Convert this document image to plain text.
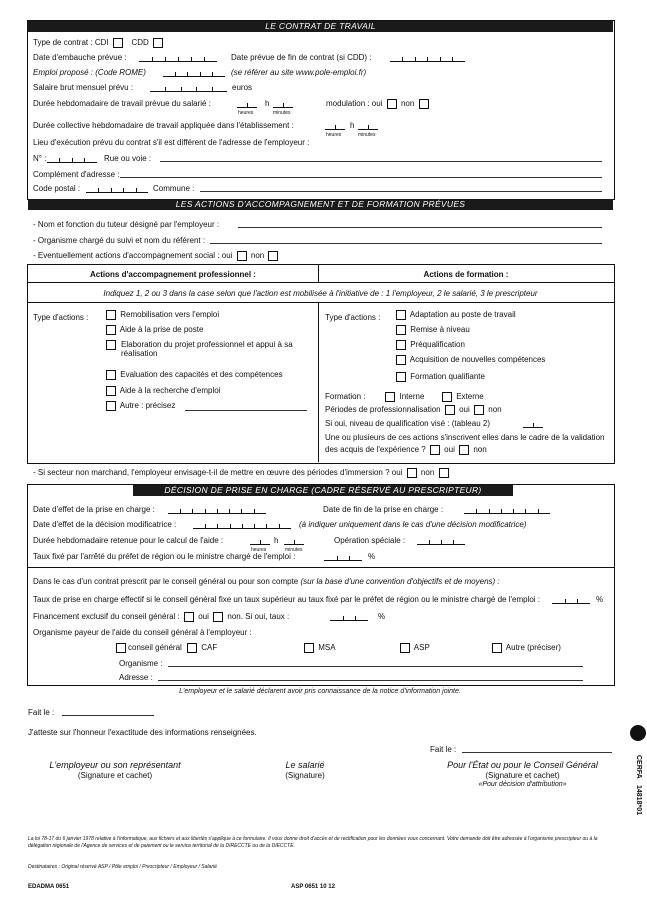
LE CONTRAT DE TRAVAIL
Type de contrat : CDI	CDD
Date d'embauche prévue :	Date prévue de fin de contrat (si CDD) :
Emploi proposé : (Code ROME)	(se référer au site www.pole-emploi.fr)
Salaire brut mensuel prévu :	euros
Durée hebdomadaire de travail prévue du salarié :	h
heures	minutes
modulation : oui non
Durée collective hebdomadaire de travail appliquée dans l'établissement :	h
heures	minutes
Lieu d'exécution prévu du contrat s'il est différent de l'adresse de l'employeur :
N° :	Rue ou voie :
Complément d'adresse :
Code postal :	Commune :
LES ACTIONS D'ACCOMPAGNEMENT ET DE FORMATION PRÉVUES
- Nom et fonction du tuteur désigné par l'employeur :
- Organisme chargé du suivi et nom du référent :
- Eventuellement actions d'accompagnement social : oui non
Actions d'accompagnement professionnel :	Actions de formation :
Indiquez 1, 2 ou 3 dans la case selon que l'action est mobilisée à l'initiative de : 1 l'employeur, 2 le salarié, 3 le prescripteur
Type d'actions :	Remobilisation vers l'emploi
Aide à la prise de poste
Elaboration du projet professionnel et appui à sa réalisation
Evaluation des capacités et des compétences
Aide à la recherche d'emploi
Autre : précisez
Type d'actions :	Adaptation au poste de travail
Remise à niveau
Préqualification
Acquisition de nouvelles compétences
Formation qualifiante
Formation :	Interne	Externe
Périodes de professionnalisation oui non
Si oui, niveau de qualification visé : (tableau 2)
Une ou plusieurs de ces actions s'inscrivent elles dans le cadre de la validation des acquis de l'expérience ? oui non
- Si secteur non marchand, l'employeur envisage-t-il de mettre en œuvre des périodes d'immersion ? oui non
DÉCISION DE PRISE EN CHARGE (CADRE RÉSERVÉ AU PRESCRIPTEUR)
Date d'effet de la prise en charge :	Date de fin de la prise en charge :
Date d'effet de la décision modificatrice :	(à indiquer uniquement dans le cas d'une décision modificatrice)
Durée hebdomadaire retenue pour le calcul de l'aide :	h
heures	minutes
Opération spéciale :
Taux fixé par l'arrêté du préfet de région ou le ministre chargé de l'emploi :	%
Dans le cas d'un contrat prescrit par le conseil général ou pour son compte (sur la base d'une convention d'objectifs et de moyens) :
Taux de prise en charge effectif si le conseil général fixe un taux supérieur au taux fixé par le préfet de région ou le ministre chargé de l'emploi :	%
Financement exclusif du conseil général : oui non. Si oui, taux :	%
Organisme payeur de l'aide du conseil général à l'employeur :
conseil général	CAF	MSA	ASP	Autre (préciser)
Organisme :
Adresse :
L'employeur et le salarié déclarent avoir pris connaissance de la notice d'information jointe.
Fait le :
J'atteste sur l'honneur l'exactitude des informations renseignées.
Fait le :
L'employeur ou son représentant
(Signature et cachet)
Le salarié
(Signature)
Pour l'État ou pour le Conseil Général
(Signature et cachet)
«Pour décision d'attribution»
CERFA
14818*01
La loi 78-17 du 6 janvier 1978 relative à l'informatique, aux fichiers et aux libertés s'applique à ce formulaire. Il vous donne droit d'accès et de rectification pour les données vous concernant. Votre demande doit être adressée à l'organisme prescripteur ou à la délégation régionale de l'Agence de services et de paiement ou le service territorial de la DIRECCTE ou de la DIECCTE.
Destinataires : Original réservé ASP / Pôle emploi / Prescripteur / Employeur / Salarié
EDADMA 0651	ASP 0651 10 12
